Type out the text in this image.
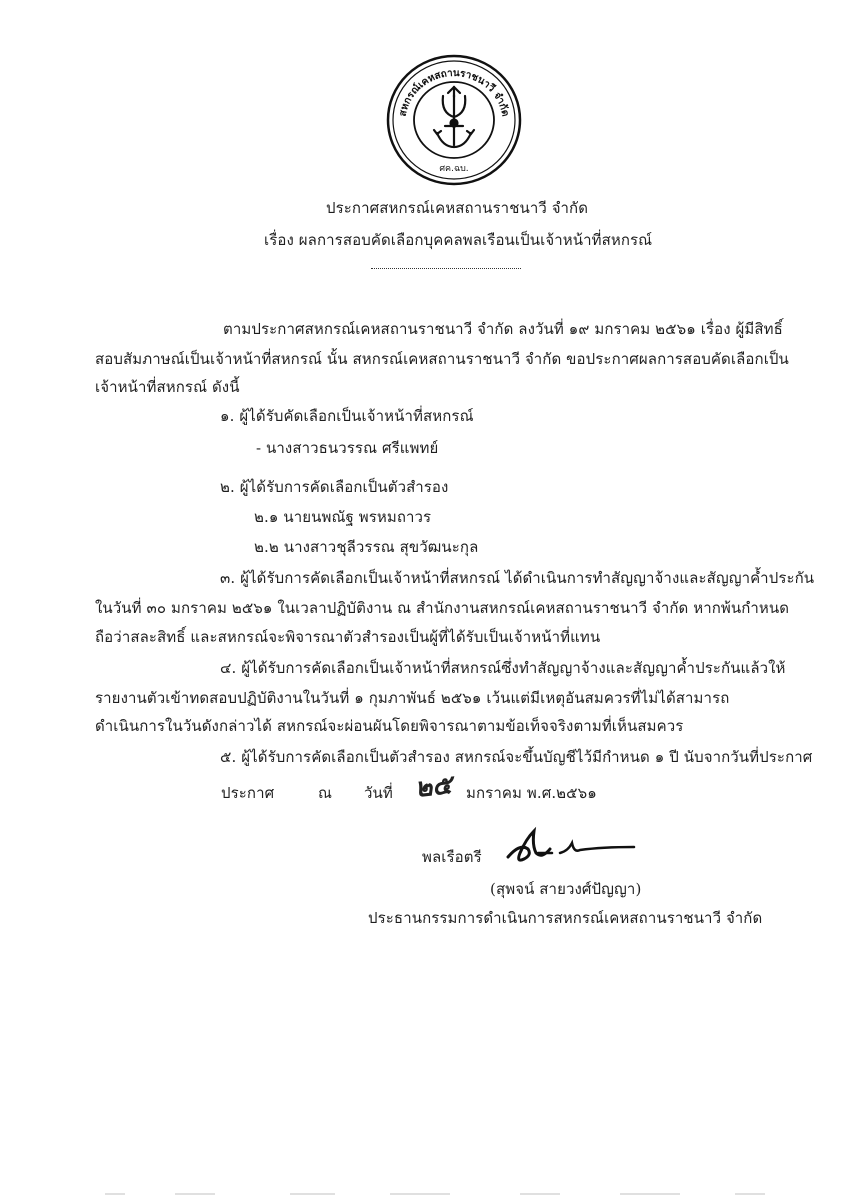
สหกรณ์เคหสถานราชนาวี จำกัด
ศค.ฉบ.
ประกาศสหกรณ์เคหสถานราชนาวี จำกัด
เรื่อง ผลการสอบคัดเลือกบุคคลพลเรือนเป็นเจ้าหน้าที่สหกรณ์
ตามประกาศสหกรณ์เคหสถานราชนาวี จำกัด ลงวันที่ ๑๙ มกราคม ๒๕๖๑ เรื่อง ผู้มีสิทธิ์
สอบสัมภาษณ์เป็นเจ้าหน้าที่สหกรณ์ นั้น สหกรณ์เคหสถานราชนาวี จำกัด ขอประกาศผลการสอบคัดเลือกเป็น
เจ้าหน้าที่สหกรณ์ ดังนี้
๑. ผู้ได้รับคัดเลือกเป็นเจ้าหน้าที่สหกรณ์
- นางสาวธนวรรณ ศรีแพทย์
๒. ผู้ได้รับการคัดเลือกเป็นตัวสำรอง
๒.๑ นายนพณัฐ พรหมถาวร
๒.๒ นางสาวชุลีวรรณ สุขวัฒนะกุล
๓. ผู้ได้รับการคัดเลือกเป็นเจ้าหน้าที่สหกรณ์ ได้ดำเนินการทำสัญญาจ้างและสัญญาค้ำประกัน
ในวันที่ ๓๐ มกราคม ๒๕๖๑ ในเวลาปฏิบัติงาน ณ สำนักงานสหกรณ์เคหสถานราชนาวี จำกัด หากพ้นกำหนด
ถือว่าสละสิทธิ์ และสหกรณ์จะพิจารณาตัวสำรองเป็นผู้ที่ได้รับเป็นเจ้าหน้าที่แทน
๔. ผู้ได้รับการคัดเลือกเป็นเจ้าหน้าที่สหกรณ์ซึ่งทำสัญญาจ้างและสัญญาค้ำประกันแล้วให้
รายงานตัวเข้าทดสอบปฏิบัติงานในวันที่ ๑ กุมภาพันธ์ ๒๕๖๑ เว้นแต่มีเหตุอันสมควรที่ไม่ได้สามารถ
ดำเนินการในวันดังกล่าวได้ สหกรณ์จะผ่อนผันโดยพิจารณาตามข้อเท็จจริงตามที่เห็นสมควร
๕. ผู้ได้รับการคัดเลือกเป็นตัวสำรอง สหกรณ์จะขึ้นบัญชีไว้มีกำหนด ๑ ปี นับจากวันที่ประกาศ
ประกาศ	ณ วันที่ ๒๕ มกราคม พ.ศ.๒๕๖๑
พลเรือตรี
(สุพจน์ สายวงศ์ปัญญา)
ประธานกรรมการดำเนินการสหกรณ์เคหสถานราชนาวี จำกัด
